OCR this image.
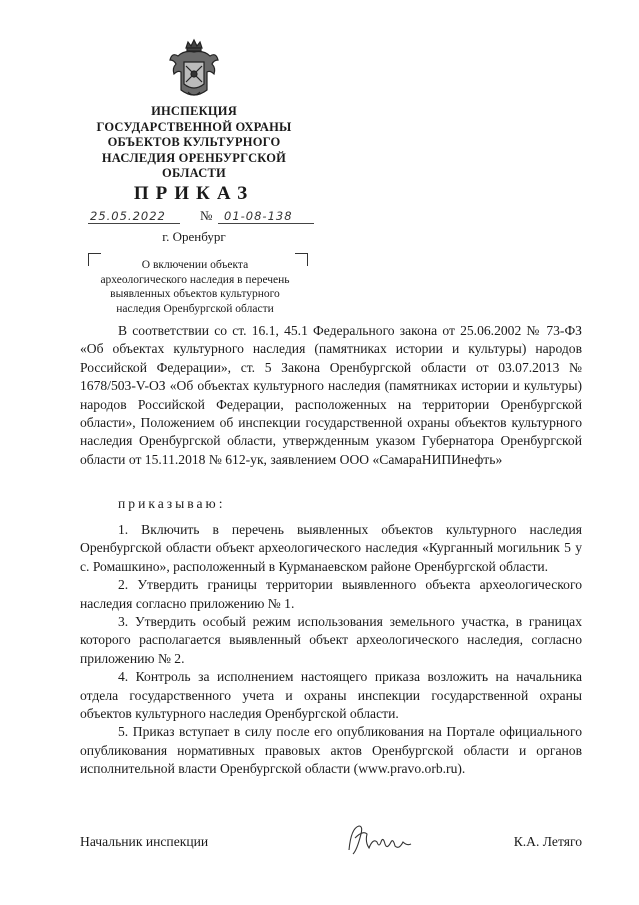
ИНСПЕКЦИЯ
ГОСУДАРСТВЕННОЙ ОХРАНЫ
ОБЪЕКТОВ КУЛЬТУРНОГО
НАСЛЕДИЯ ОРЕНБУРГСКОЙ
ОБЛАСТИ
ПРИКАЗ
25.05.2022	№ 01-08-138
г. Оренбург
О включении объекта
археологического наследия в перечень
выявленных объектов культурного
наследия Оренбургской области

В соответствии со ст. 16.1, 45.1 Федерального закона от 25.06.2002 № 73-ФЗ «Об объектах культурного наследия (памятниках истории и культуры) народов Российской Федерации», ст. 5 Закона Оренбургской области от 03.07.2013 № 1678/503-V-ОЗ «Об объектах культурного наследия (памятниках истории и культуры) народов Российской Федерации, расположенных на территории Оренбургской области», Положением об инспекции государственной охраны объектов культурного наследия Оренбургской области, утвержденным указом Губернатора Оренбургской области от 15.11.2018 № 612-ук, заявлением ООО «СамараНИПИнефть»

приказываю:

1. Включить в перечень выявленных объектов культурного наследия Оренбургской области объект археологического наследия «Курганный могильник 5 у с. Ромашкино», расположенный в Курманаевском районе Оренбургской области.

2. Утвердить границы территории выявленного объекта археологического наследия согласно приложению № 1.

3. Утвердить особый режим использования земельного участка, в границах которого располагается выявленный объект археологического наследия, согласно приложению № 2.

4. Контроль за исполнением настоящего приказа возложить на начальника отдела государственного учета и охраны инспекции государственной охраны объектов культурного наследия Оренбургской области.

5. Приказ вступает в силу после его опубликования на Портале официального опубликования нормативных правовых актов Оренбургской области и органов исполнительной власти Оренбургской области (www.pravo.orb.ru).

Начальник инспекции	К.А. Летяго
